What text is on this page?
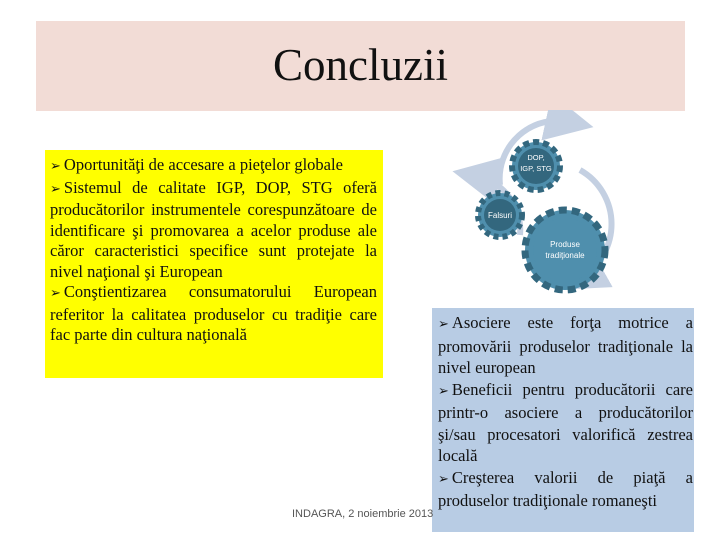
Concluzii
➢ Oportunităţi de accesare a pieţelor globale
➢ Sistemul de calitate IGP, DOP, STG oferă producătorilor instrumentele corespunzătoare de identificare şi promovarea a acelor produse ale căror caracteristici specifice sunt protejate la nivel naţional şi European
➢ Conştientizarea consumatorului European referitor la calitatea produselor cu tradiţie care fac parte din cultura naţională
DOP,
IGP, STG
Falsuri
Produse
tradiţionale
➢ Asociere este forţa motrice a promovării produselor tradiţionale la nivel european
➢ Beneficii pentru producătorii care printr-o asociere a producătorilor şi/sau procesatori valorifică zestrea locală
➢ Creşterea valorii de piaţă a produselor tradiţionale romaneşti
INDAGRA, 2 noiembrie 2013
